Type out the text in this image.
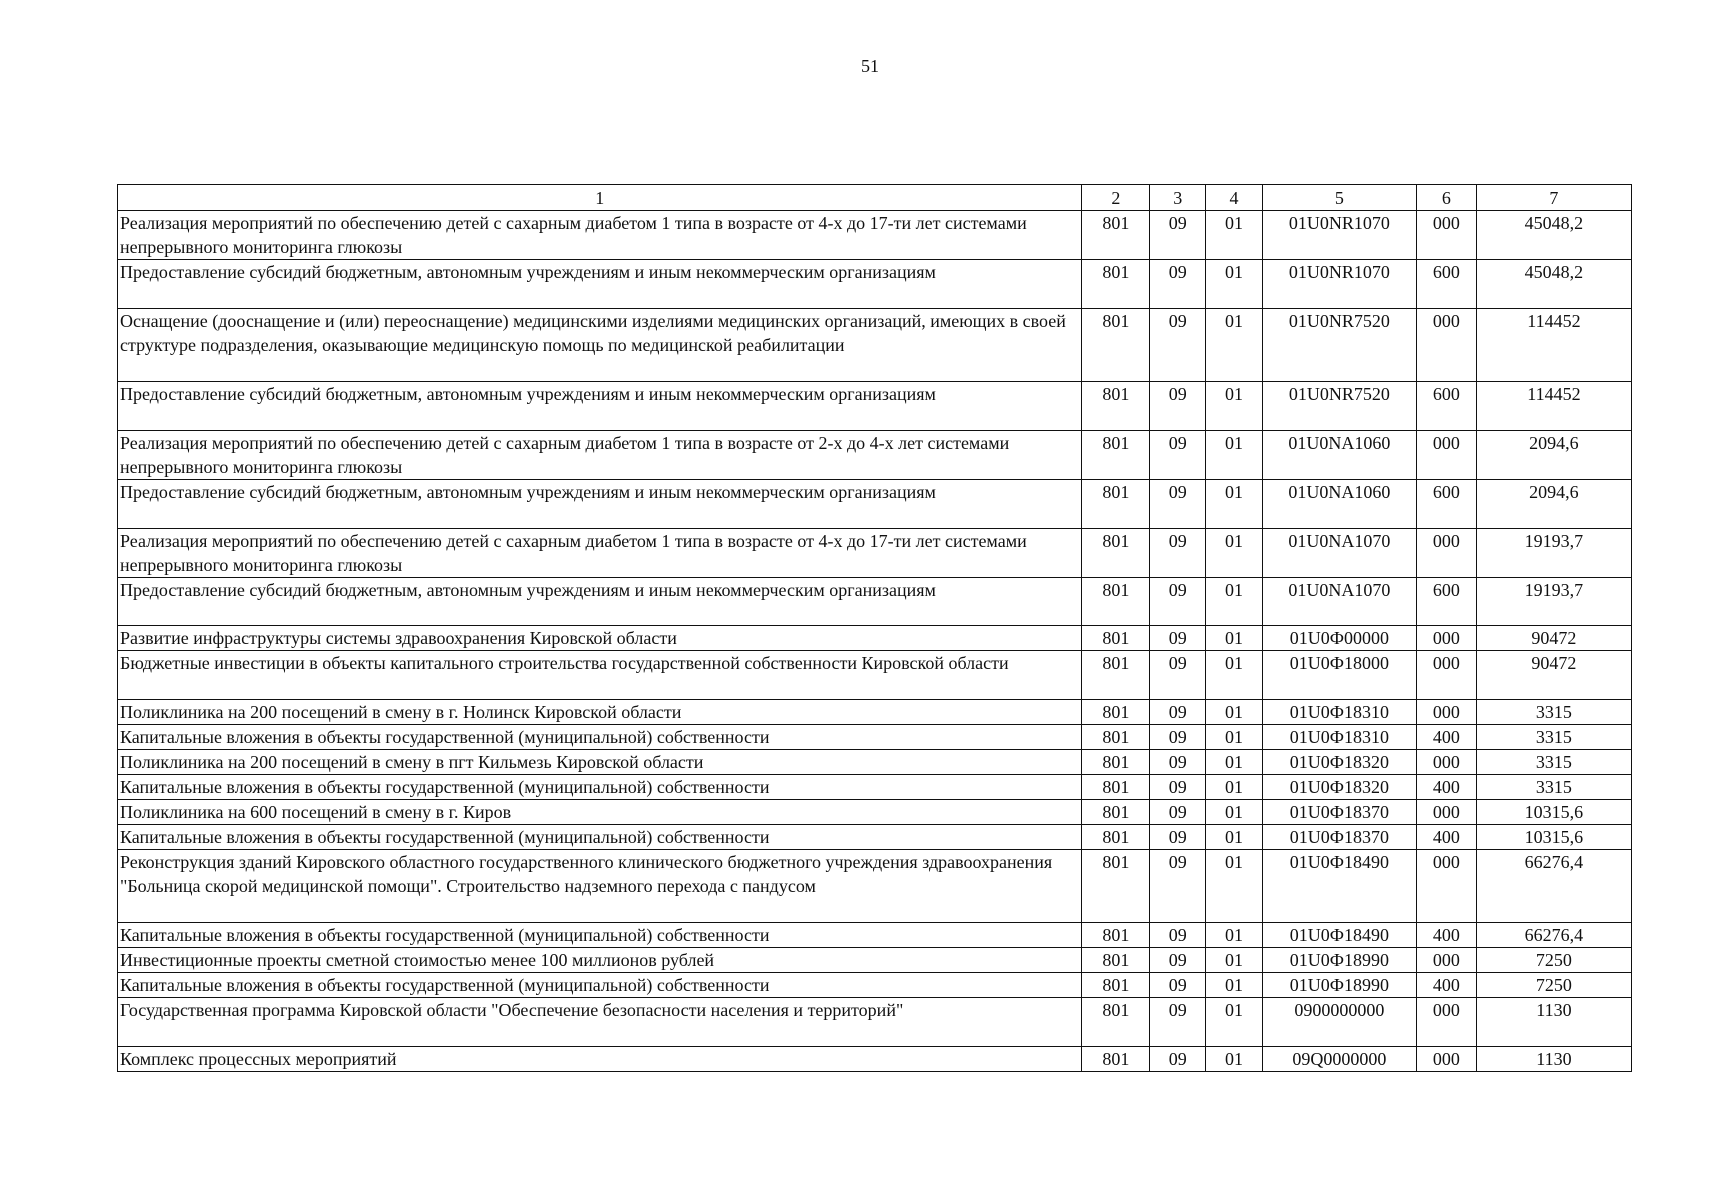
51
1	2	3	4	5	6	7
Реализация мероприятий по обеспечению детей с сахарным диабетом 1 типа в возрасте от 4-х до 17-ти лет системами непрерывного мониторинга глюкозы	801	09	01	01U0NR1070	000	45048,2
Предоставление субсидий бюджетным, автономным учреждениям и иным некоммерческим организациям	801	09	01	01U0NR1070	600	45048,2
Оснащение (дооснащение и (или) переоснащение) медицинскими изделиями медицинских организаций, имеющих в своей структуре подразделения, оказывающие медицинскую помощь по медицинской реабилитации	801	09	01	01U0NR7520	000	114452
Предоставление субсидий бюджетным, автономным учреждениям и иным некоммерческим организациям	801	09	01	01U0NR7520	600	114452
Реализация мероприятий по обеспечению детей с сахарным диабетом 1 типа в возрасте от 2-х до 4-х лет системами непрерывного мониторинга глюкозы	801	09	01	01U0NA1060	000	2094,6
Предоставление субсидий бюджетным, автономным учреждениям и иным некоммерческим организациям	801	09	01	01U0NA1060	600	2094,6
Реализация мероприятий по обеспечению детей с сахарным диабетом 1 типа в возрасте от 4-х до 17-ти лет системами непрерывного мониторинга глюкозы	801	09	01	01U0NA1070	000	19193,7
Предоставление субсидий бюджетным, автономным учреждениям и иным некоммерческим организациям	801	09	01	01U0NA1070	600	19193,7
Развитие инфраструктуры системы здравоохранения Кировской области	801	09	01	01U0Ф00000	000	90472
Бюджетные инвестиции в объекты капитального строительства государственной собственности Кировской области	801	09	01	01U0Ф18000	000	90472
Поликлиника на 200 посещений в смену в г. Нолинск Кировской области	801	09	01	01U0Ф18310	000	3315
Капитальные вложения в объекты государственной (муниципальной) собственности	801	09	01	01U0Ф18310	400	3315
Поликлиника на 200 посещений в смену в пгт Кильмезь Кировской области	801	09	01	01U0Ф18320	000	3315
Капитальные вложения в объекты государственной (муниципальной) собственности	801	09	01	01U0Ф18320	400	3315
Поликлиника на 600 посещений в смену в г. Киров	801	09	01	01U0Ф18370	000	10315,6
Капитальные вложения в объекты государственной (муниципальной) собственности	801	09	01	01U0Ф18370	400	10315,6
Реконструкция зданий Кировского областного государственного клинического бюджетного учреждения здравоохранения "Больница скорой медицинской помощи". Строительство надземного перехода с пандусом	801	09	01	01U0Ф18490	000	66276,4
Капитальные вложения в объекты государственной (муниципальной) собственности	801	09	01	01U0Ф18490	400	66276,4
Инвестиционные проекты сметной стоимостью менее 100 миллионов рублей	801	09	01	01U0Ф18990	000	7250
Капитальные вложения в объекты государственной (муниципальной) собственности	801	09	01	01U0Ф18990	400	7250
Государственная программа Кировской области "Обеспечение безопасности населения и территорий"	801	09	01	0900000000	000	1130
Комплекс процессных мероприятий	801	09	01	09Q0000000	000	1130
